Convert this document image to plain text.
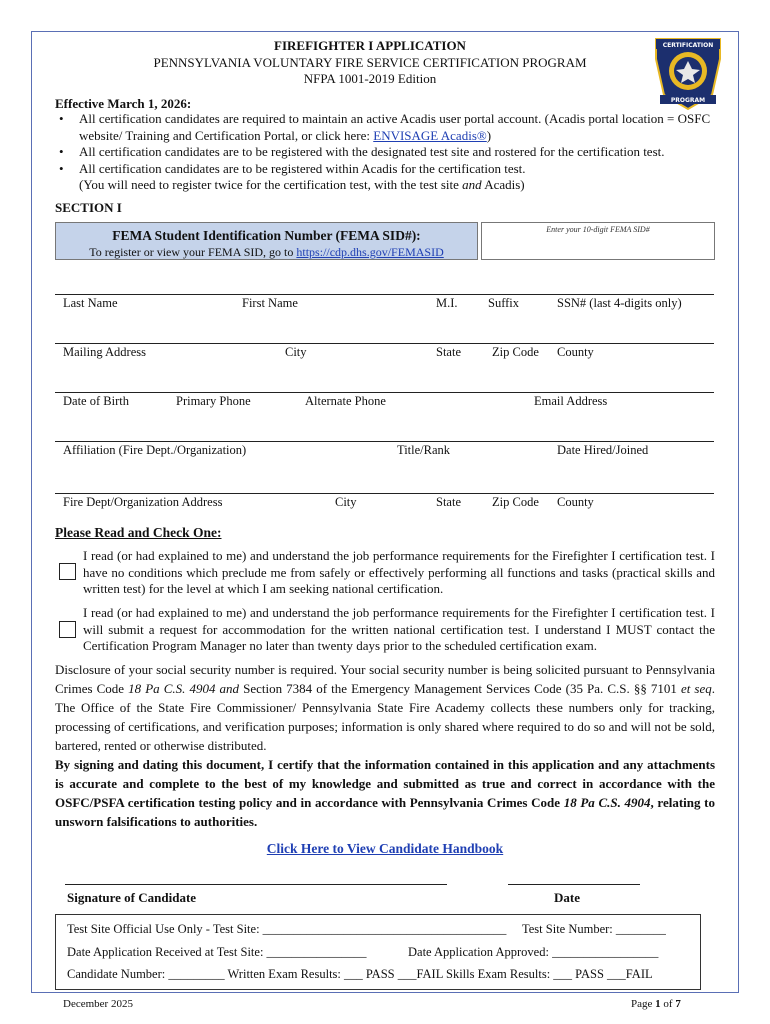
FIREFIGHTER I APPLICATION
PENNSYLVANIA VOLUNTARY FIRE SERVICE CERTIFICATION PROGRAM
NFPA 1001-2019 Edition
CERTIFICATION
PROGRAM
Effective March 1, 2026:
• All certification candidates are required to maintain an active Acadis user portal account. (Acadis portal location = OSFC website/ Training and Certification Portal, or click here: ENVISAGE Acadis®)
• All certification candidates are to be registered with the designated test site and rostered for the certification test.
• All certification candidates are to be registered within Acadis for the certification test.
(You will need to register twice for the certification test, with the test site and Acadis)
SECTION I
FEMA Student Identification Number (FEMA SID#):
To register or view your FEMA SID, go to https://cdp.dhs.gov/FEMASID
Enter your 10-digit FEMA SID#
Last Name	First Name	M.I. Suffix	SSN# (last 4-digits only)
Mailing Address	City	State Zip Code County
Date of Birth	Primary Phone	Alternate Phone	Email Address
Affiliation (Fire Dept./Organization)	Title/Rank	Date Hired/Joined
Fire Dept/Organization Address	City	State Zip Code County
Please Read and Check One:
I read (or had explained to me) and understand the job performance requirements for the Firefighter I certification test. I have no conditions which preclude me from safely or effectively performing all functions and tasks (practical skills and written test) for the level at which I am seeking national certification.
I read (or had explained to me) and understand the job performance requirements for the Firefighter I certification test. I will submit a request for accommodation for the written national certification test. I understand I MUST contact the Certification Program Manager no later than twenty days prior to the scheduled certification exam.
Disclosure of your social security number is required. Your social security number is being solicited pursuant to Pennsylvania Crimes Code 18 Pa C.S. 4904 and Section 7384 of the Emergency Management Services Code (35 Pa. C.S. §§ 7101 et seq. The Office of the State Fire Commissioner/ Pennsylvania State Fire Academy collects these numbers only for tracking, processing of certifications, and verification purposes; information is only shared where required to do so and will not be sold, bartered, rented or otherwise distributed.
By signing and dating this document, I certify that the information contained in this application and any attachments is accurate and complete to the best of my knowledge and submitted as true and correct in accordance with the OSFC/PSFA certification testing policy and in accordance with Pennsylvania Crimes Code 18 Pa C.S. 4904, relating to unsworn falsifications to authorities.
Click Here to View Candidate Handbook
Signature of Candidate	Date
Test Site Official Use Only - Test Site: _______________________________________ Test Site Number: ________
Date Application Received at Test Site: ________________	Date Application Approved: _________________
Candidate Number: _________ Written Exam Results: ___ PASS ___FAIL Skills Exam Results: ___ PASS ___FAIL
December 2025	Page 1 of 7
